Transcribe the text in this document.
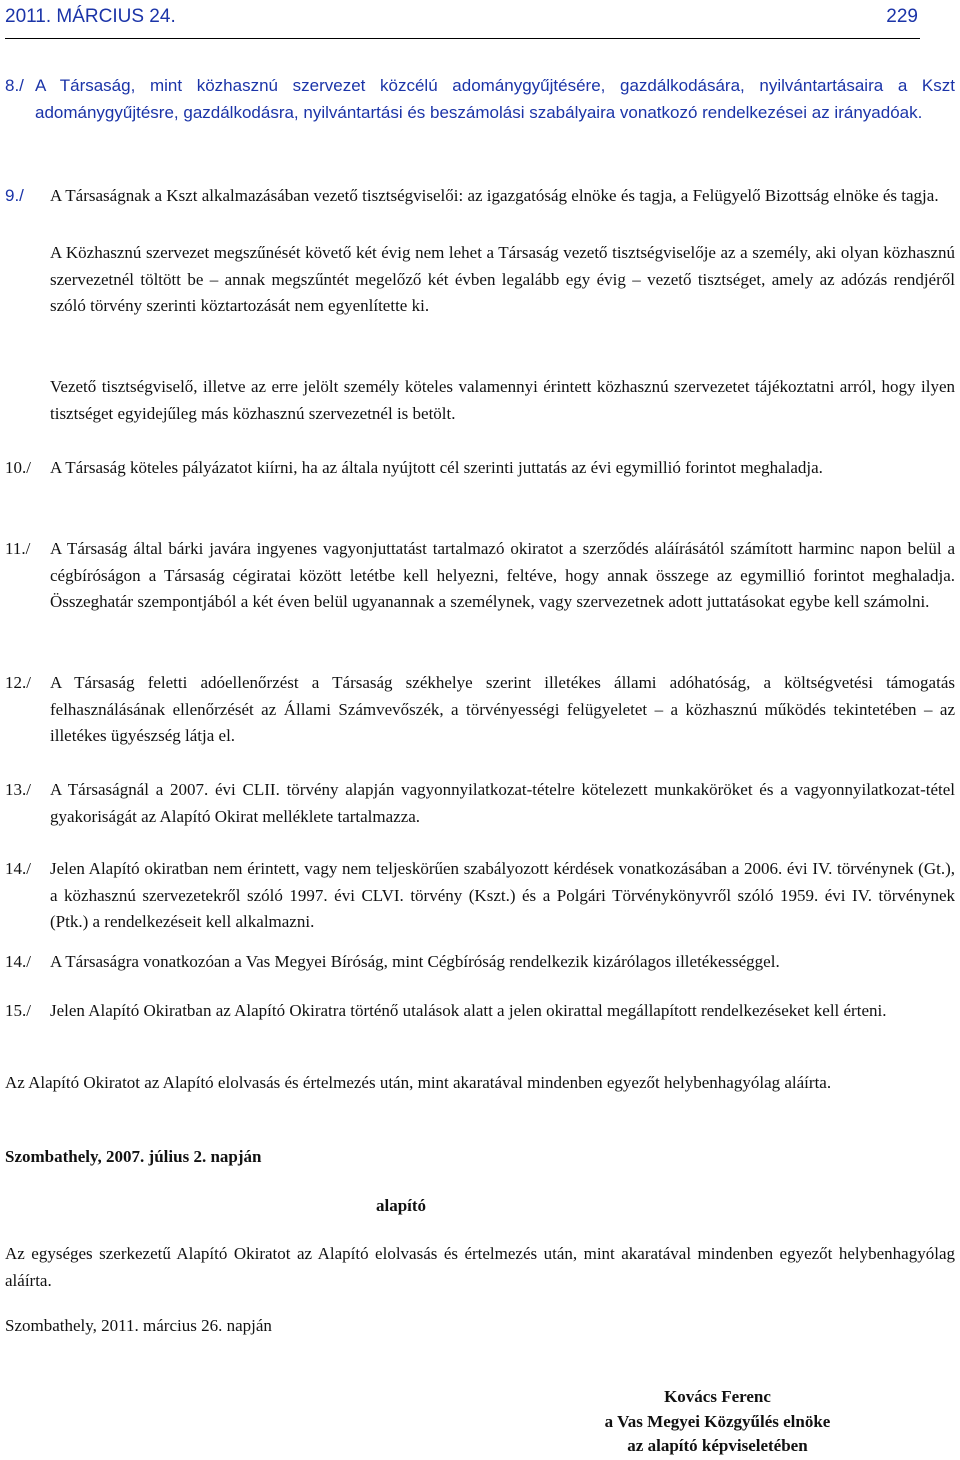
2011. MÁRCIUS 24.	229
8./ A Társaság, mint közhasznú szervezet közcélú adománygyűjtésére, gazdálkodására, nyilvántartásaira a Kszt adománygyűjtésre, gazdálkodásra, nyilvántartási és beszámolási szabályaira vonatkozó rendelkezései az irányadóak.
9./	A Társaságnak a Kszt alkalmazásában vezető tisztségviselői: az igazgatóság elnöke és tagja, a Felügyelő Bizottság elnöke és tagja.
A Közhasznú szervezet megszűnését követő két évig nem lehet a Társaság vezető tisztségviselője az a személy, aki olyan közhasznú szervezetnél töltött be – annak megszűntét megelőző két évben legalább egy évig – vezető tisztséget, amely az adózás rendjéről szóló törvény szerinti köztartozását nem egyenlítette ki.
Vezető tisztségviselő, illetve az erre jelölt személy köteles valamennyi érintett közhasznú szervezetet tájékoztatni arról, hogy ilyen tisztséget egyidejűleg más közhasznú szervezetnél is betölt.
10./	A Társaság köteles pályázatot kiírni, ha az általa nyújtott cél szerinti juttatás az évi egymillió forintot meghaladja.
11./	A Társaság által bárki javára ingyenes vagyonjuttatást tartalmazó okiratot a szerződés aláírásától számított harminc napon belül a cégbíróságon a Társaság cégiratai között letétbe kell helyezni, feltéve, hogy annak összege az egymillió forintot meghaladja. Összeghatár szempontjából a két éven belül ugyanannak a személynek, vagy szervezetnek adott juttatásokat egybe kell számolni.
12./	A Társaság feletti adóellenőrzést a Társaság székhelye szerint illetékes állami adóhatóság, a költségvetési támogatás felhasználásának ellenőrzését az Állami Számvevőszék, a törvényességi felügyeletet – a közhasznú működés tekintetében – az illetékes ügyészség látja el.
13./	A Társaságnál a 2007. évi CLII. törvény alapján vagyonnyilatkozat-tételre kötelezett munkaköröket és a vagyonnyilatkozat-tétel gyakoriságát az Alapító Okirat melléklete tartalmazza.
14./	Jelen Alapító okiratban nem érintett, vagy nem teljeskörűen szabályozott kérdések vonatkozásában a 2006. évi IV. törvénynek (Gt.), a közhasznú szervezetekről szóló 1997. évi CLVI. törvény (Kszt.) és a Polgári Törvénykönyvről szóló 1959. évi IV. törvénynek (Ptk.) a rendelkezéseit kell alkalmazni.
14./	A Társaságra vonatkozóan a Vas Megyei Bíróság, mint Cégbíróság rendelkezik kizárólagos illetékességgel.
15./	Jelen Alapító Okiratban az Alapító Okiratra történő utalások alatt a jelen okirattal megállapított rendelkezéseket kell érteni.
Az Alapító Okiratot az Alapító elolvasás és értelmezés után, mint akaratával mindenben egyezőt helybenhagyólag aláírta.
Szombathely, 2007. július 2. napján
alapító
Az egységes szerkezetű Alapító Okiratot az Alapító elolvasás és értelmezés után, mint akaratával mindenben egyezőt helybenhagyólag aláírta.
Szombathely, 2011. március 26. napján
Kovács Ferenc
a Vas Megyei Közgyűlés elnöke
az alapító képviseletében
